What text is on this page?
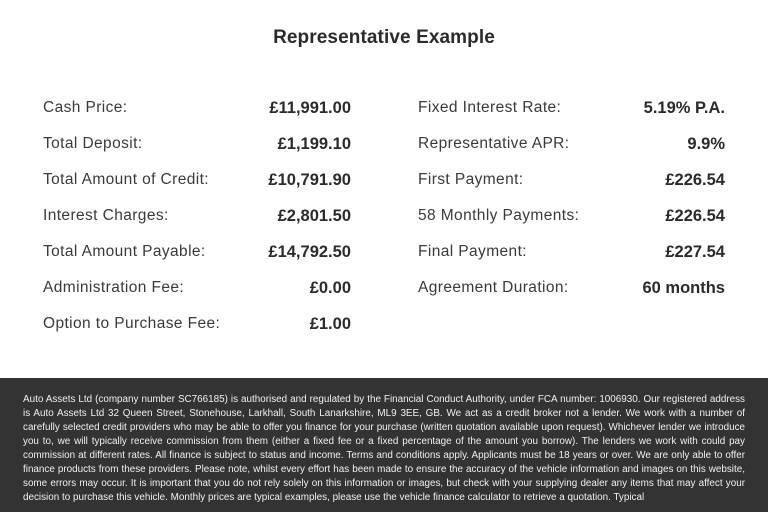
Representative Example
Cash Price:	£11,991.00
Total Deposit:	£1,199.10
Total Amount of Credit:	£10,791.90
Interest Charges:	£2,801.50
Total Amount Payable:	£14,792.50
Administration Fee:	£0.00
Option to Purchase Fee:	£1.00
Fixed Interest Rate:	5.19% P.A.
Representative APR:	9.9%
First Payment:	£226.54
58 Monthly Payments:	£226.54
Final Payment:	£227.54
Agreement Duration:	60 months
Auto Assets Ltd (company number SC766185) is authorised and regulated by the Financial Conduct Authority, under FCA number: 1006930. Our registered address is Auto Assets Ltd 32 Queen Street, Stonehouse, Larkhall, South Lanarkshire, ML9 3EE, GB. We act as a credit broker not a lender. We work with a number of carefully selected credit providers who may be able to offer you finance for your purchase (written quotation available upon request). Whichever lender we introduce you to, we will typically receive commission from them (either a fixed fee or a fixed percentage of the amount you borrow). The lenders we work with could pay commission at different rates. All finance is subject to status and income. Terms and conditions apply. Applicants must be 18 years or over. We are only able to offer finance products from these providers. Please note, whilst every effort has been made to ensure the accuracy of the vehicle information and images on this website, some errors may occur. It is important that you do not rely solely on this information or images, but check with your supplying dealer any items that may affect your decision to purchase this vehicle. Monthly prices are typical examples, please use the vehicle finance calculator to retrieve a quotation. Typical
